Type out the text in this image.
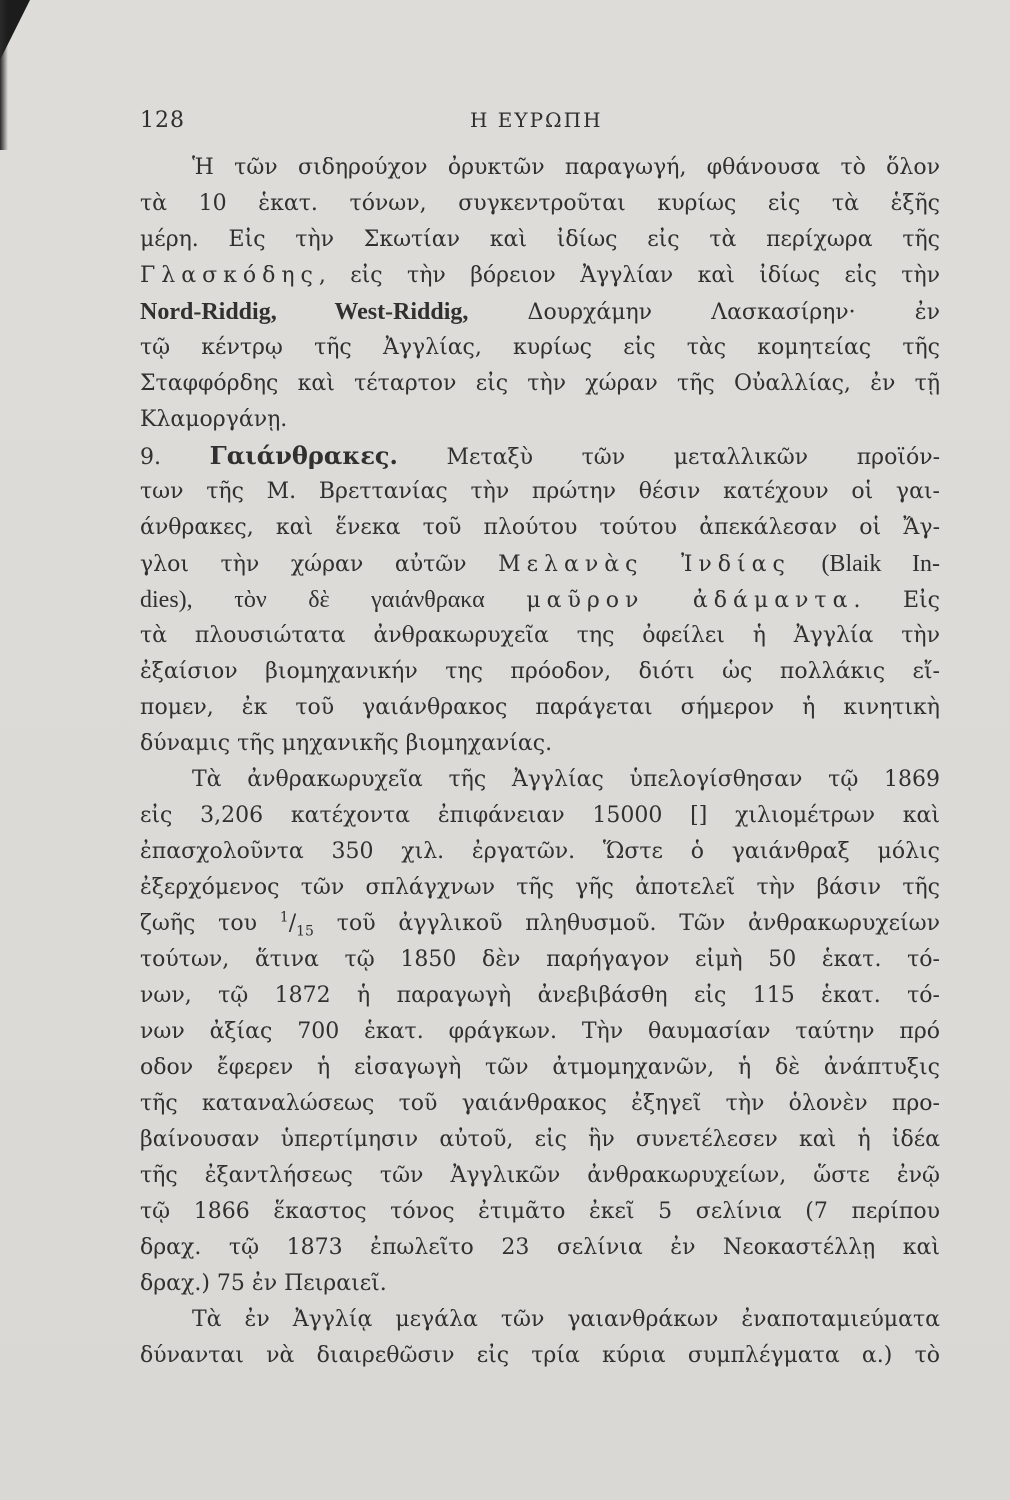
128	Η ΕΥΡΩΠΗ
Ἡ τῶν σιδηρούχον ὀρυκτῶν παραγωγή, φθάνουσα τὸ ὅλον
τὰ 10 ἑκατ. τόνων, συγκεντροῦται κυρίως εἰς τὰ ἑξῆς
μέρη. Εἰς τὴν Σκωτίαν καὶ ἰδίως εἰς τὰ περίχωρα τῆς
Γλασκόδης, εἰς τὴν βόρειον Ἀγγλίαν καὶ ἰδίως εἰς τὴν
Nord-Riddig, West-Riddig, Δουρχάμην Λασκασίρην· ἐν
τῷ κέντρῳ τῆς Ἀγγλίας, κυρίως εἰς τὰς κομητείας τῆς
Σταφφόρδης καὶ τέταρτον εἰς τὴν χώραν τῆς Οὐαλλίας, ἐν τῇ
Κλαμοργάνῃ.
9. Γαιάνθρακες. Μεταξὺ τῶν μεταλλικῶν προϊόν-
των τῆς Μ. Βρεττανίας τὴν πρώτην θέσιν κατέχουν οἱ γαι-
άνθρακες, καὶ ἕνεκα τοῦ πλούτου τούτου ἀπεκάλεσαν οἱ Ἄγ-
γλοι τὴν χώραν αὐτῶν Μελανὰς Ἰνδίας (Blaik In-
dies), τὸν δὲ γαιάνθρακα μαῦρον ἀδάμαντα. Εἰς
τὰ πλουσιώτατα ἀνθρακωρυχεῖα της ὀφείλει ἡ Ἀγγλία τὴν
ἐξαίσιον βιομηχανικήν της πρόοδον, διότι ὡς πολλάκις εἴ-
πομεν, ἐκ τοῦ γαιάνθρακος παράγεται σήμερον ἡ κινητικὴ
δύναμις τῆς μηχανικῆς βιομηχανίας.
Τὰ ἀνθρακωρυχεῖα τῆς Ἀγγλίας ὑπελογίσθησαν τῷ 1869
εἰς 3,206 κατέχοντα ἐπιφάνειαν 15000 [] χιλιομέτρων καὶ
ἐπασχολοῦντα 350 χιλ. ἐργατῶν. Ὥστε ὁ γαιάνθραξ μόλις
ἐξερχόμενος τῶν σπλάγχνων τῆς γῆς ἀποτελεῖ τὴν βάσιν τῆς
ζωῆς του $^1/_{15}$ τοῦ ἀγγλικοῦ πληθυσμοῦ. Τῶν ἀνθρακωρυχείων
τούτων, ἅτινα τῷ 1850 δὲν παρήγαγον εἰμὴ 50 ἑκατ. τό-
νων, τῷ 1872 ἡ παραγωγὴ ἀνεβιβάσθη εἰς 115 ἑκατ. τό-
νων ἀξίας 700 ἑκατ. φράγκων. Τὴν θαυμασίαν ταύτην πρό
οδον ἔφερεν ἡ εἰσαγωγὴ τῶν ἀτμομηχανῶν, ἡ δὲ ἀνάπτυξις
τῆς καταναλώσεως τοῦ γαιάνθρακος ἐξηγεῖ τὴν ὁλονὲν προ-
βαίνουσαν ὑπερτίμησιν αὐτοῦ, εἰς ἣν συνετέλεσεν καὶ ἡ ἰδέα
τῆς ἐξαντλήσεως τῶν Ἀγγλικῶν ἀνθρακωρυχείων, ὥστε ἐνῷ
τῷ 1866 ἕκαστος τόνος ἐτιμᾶτο ἐκεῖ 5 σελίνια (7 περίπου
δραχ. τῷ 1873 ἐπωλεῖτο 23 σελίνια ἐν Νεοκαστέλλῃ καὶ
δραχ.) 75 ἐν Πειραιεῖ.
Τὰ ἐν Ἀγγλίᾳ μεγάλα τῶν γαιανθράκων ἐναποταμιεύματα
δύνανται νὰ διαιρεθῶσιν εἰς τρία κύρια συμπλέγματα α.) τὸ
